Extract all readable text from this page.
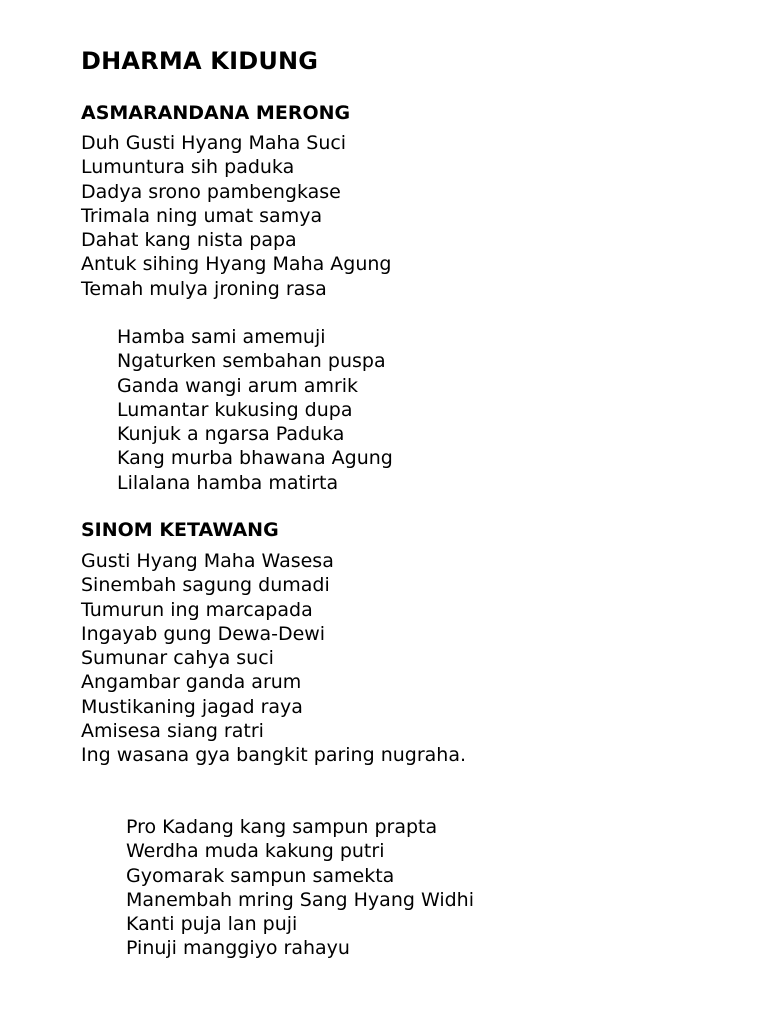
DHARMA KIDUNG
ASMARANDANA MERONG
Duh Gusti Hyang Maha Suci
Lumuntura sih paduka
Dadya srono pambengkase
Trimala ning umat samya
Dahat kang nista papa
Antuk sihing Hyang Maha Agung
Temah mulya jroning rasa
Hamba sami amemuji
Ngaturken sembahan puspa
Ganda wangi arum amrik
Lumantar kukusing dupa
Kunjuk a ngarsa Paduka
Kang murba bhawana Agung
Lilalana hamba matirta
SINOM KETAWANG
Gusti Hyang Maha Wasesa
Sinembah sagung dumadi
Tumurun ing marcapada
Ingayab gung Dewa-Dewi
Sumunar cahya suci
Angambar ganda arum
Mustikaning jagad raya
Amisesa siang ratri
Ing wasana gya bangkit paring nugraha.
Pro Kadang kang sampun prapta
Werdha muda kakung putri
Gyomarak sampun samekta
Manembah mring Sang Hyang Widhi
Kanti puja lan puji
Pinuji manggiyo rahayu
